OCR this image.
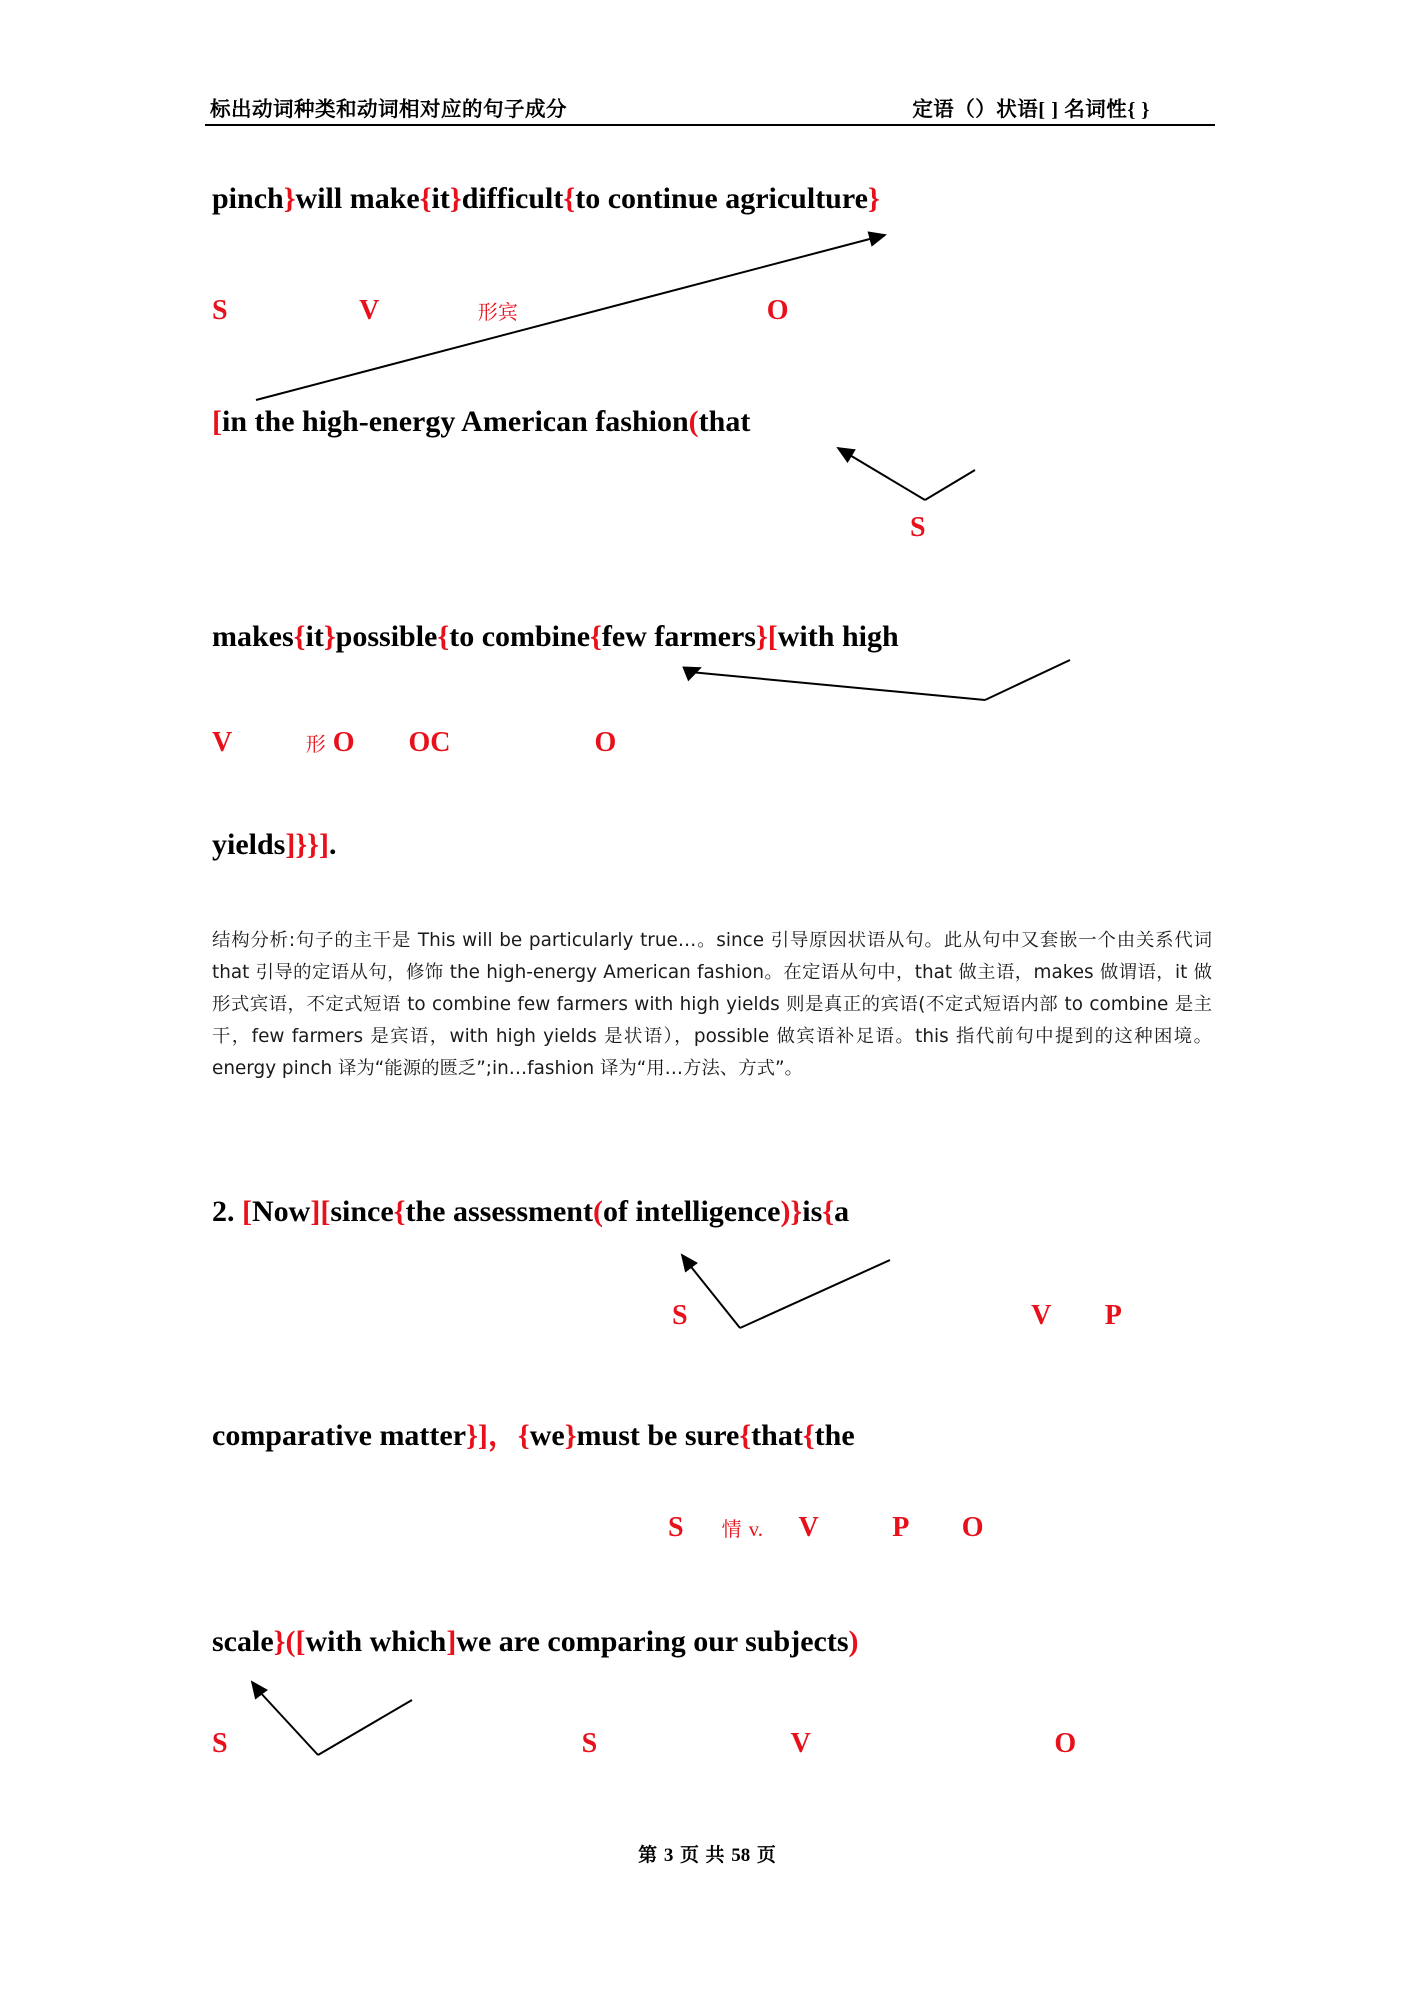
标出动词种类和动词相对应的句子成分	定语（）状语[ ] 名词性{ }
pinch}will make{it}difficult{to continue agriculture}
S	V	形宾	O
[in the high-energy American fashion(that
S
makes{it}possible{to combine{few farmers}[with high
V	形 O OC	O
yields]}}].
结构分析:句子的主干是 This will be particularly true…。since 引导原因状语从句。此从句中又套嵌一个由关系代词 that 引导的定语从句，修饰 the high-energy American fashion。在定语从句中，that 做主语，makes 做谓语，it 做形式宾语，不定式短语 to combine few farmers with high yields 则是真正的宾语(不定式短语内部 to combine 是主干，few farmers 是宾语，with high yields 是状语），possible 做宾语补足语。this 指代前句中提到的这种困境。energy pinch 译为“能源的匮乏”;in…fashion 译为“用…方法、方式”。
2. [Now][since{the assessment(of intelligence)}is{a
S	V P
comparative matter}]，{we}must be sure{that{the
S 情 v. V	P O
scale}([with which]we are comparing our subjects)
S	S	V	O
第 3 页 共 58 页
